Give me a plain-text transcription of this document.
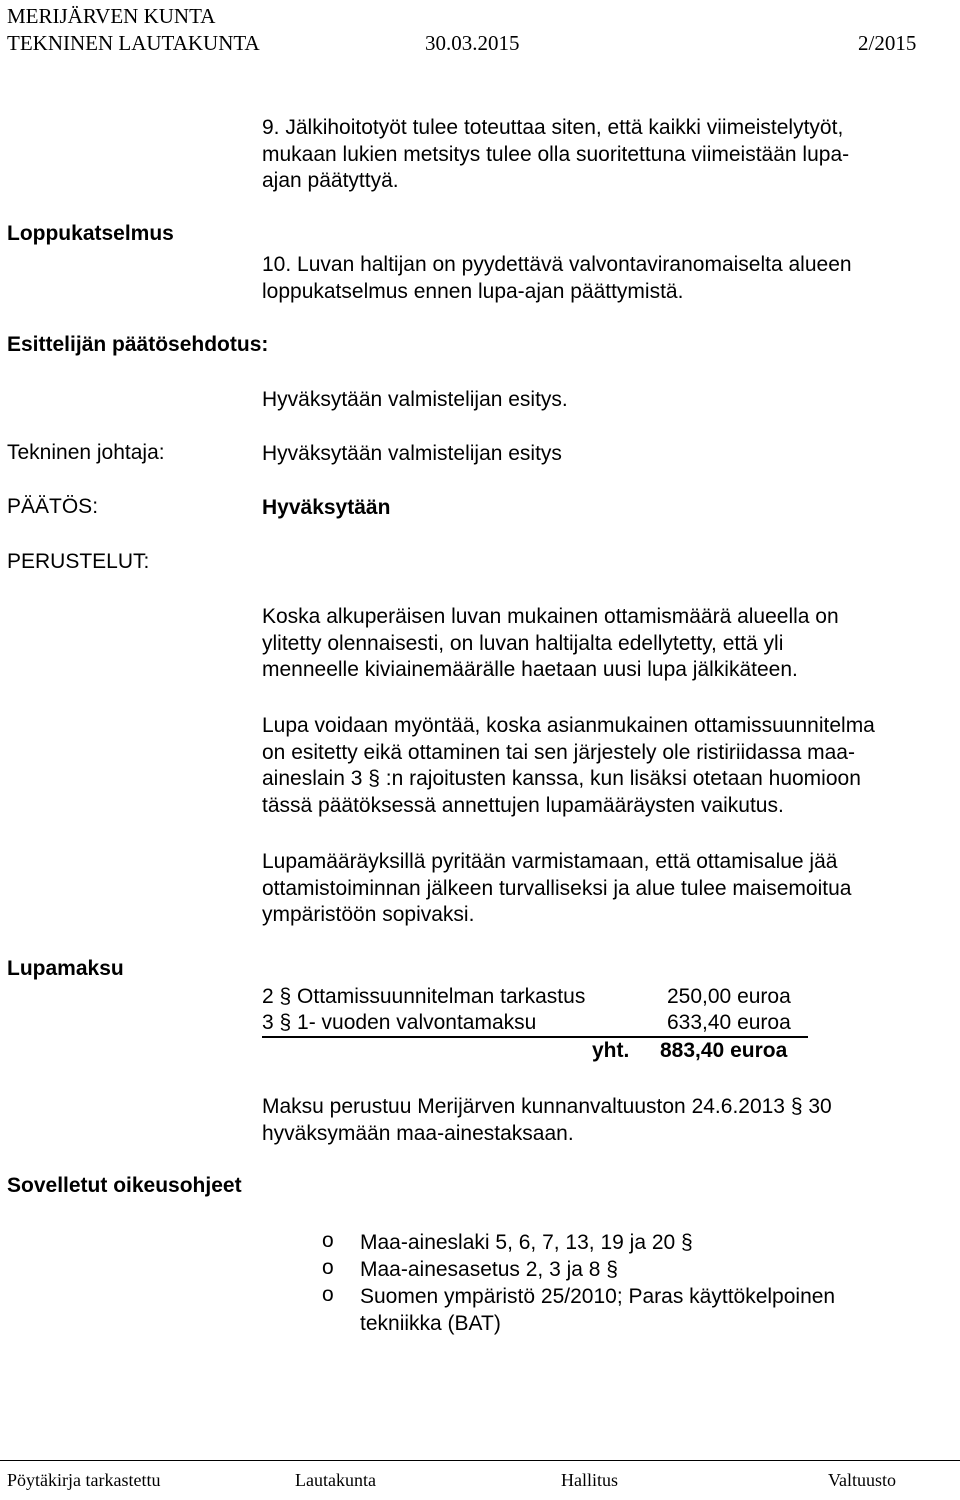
MERIJÄRVEN KUNTA
TEKNINEN LAUTAKUNTA	30.03.2015	2/2015
9. Jälkihoitotyöt tulee toteuttaa siten, että kaikki viimeistelytyöt,
mukaan lukien metsitys tulee olla suoritettuna viimeistään lupa-
ajan päätyttyä.
Loppukatselmus
10. Luvan haltijan on pyydettävä valvontaviranomaiselta alueen
loppukatselmus ennen lupa-ajan päättymistä.
Esittelijän päätösehdotus:
Hyväksytään valmistelijan esitys.
Tekninen johtaja:	Hyväksytään valmistelijan esitys
PÄÄTÖS:	Hyväksytään
PERUSTELUT:
Koska alkuperäisen luvan mukainen ottamismäärä alueella on
ylitetty olennaisesti, on luvan haltijalta edellytetty, että yli
menneelle kiviainemäärälle haetaan uusi lupa jälkikäteen.
Lupa voidaan myöntää, koska asianmukainen ottamissuunnitelma
on esitetty eikä ottaminen tai sen järjestely ole ristiriidassa maa-
aineslain 3 § :n rajoitusten kanssa, kun lisäksi otetaan huomioon
tässä päätöksessä annettujen lupamääräysten vaikutus.
Lupamääräyksillä pyritään varmistamaan, että ottamisalue jää
ottamistoiminnan jälkeen turvalliseksi ja alue tulee maisemoitua
ympäristöön sopivaksi.
Lupamaksu
2 § Ottamissuunnitelman tarkastus	250,00 euroa
3 § 1- vuoden valvontamaksu	633,40 euroa
yht. 883,40 euroa
Maksu perustuu Merijärven kunnanvaltuuston 24.6.2013 § 30
hyväksymään maa-ainestaksaan.
Sovelletut oikeusohjeet
o Maa-aineslaki 5, 6, 7, 13, 19 ja 20 §
o Maa-ainesasetus 2, 3 ja 8 §
o Suomen ympäristö 25/2010; Paras käyttökelpoinen
tekniikka (BAT)
Pöytäkirja tarkastettu	Lautakunta	Hallitus	Valtuusto
